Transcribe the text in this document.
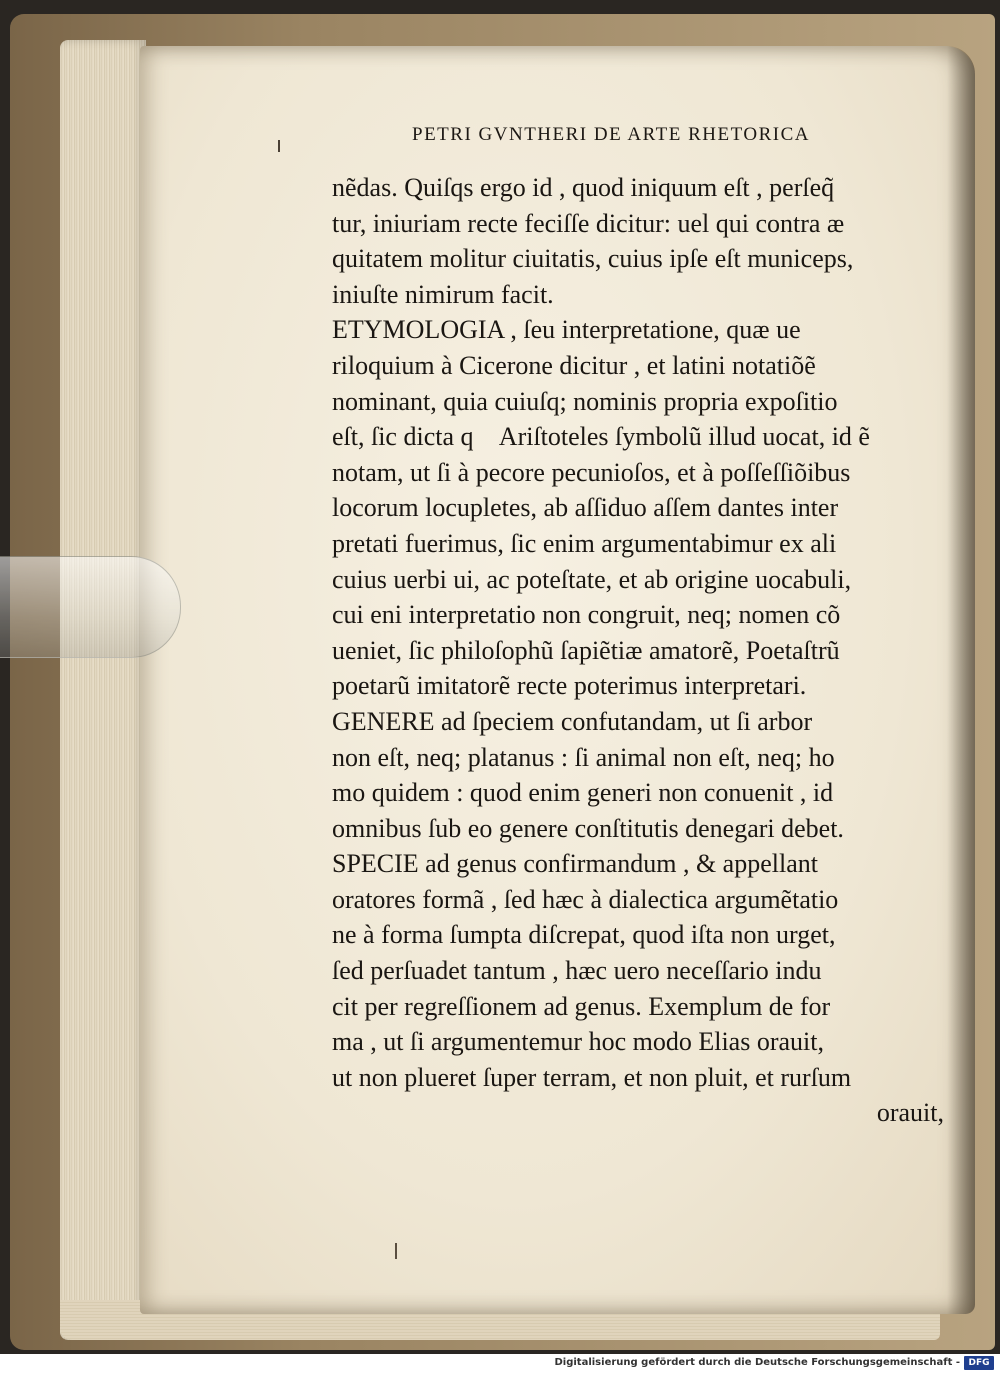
PETRI GVNTHERI DE ARTE RHETORICA
nẽdas. Quiſqs ergo id , quod iniquum eſt , perſeq̃
tur, iniuriam recte feciſſe dicitur: uel qui contra æ
quitatem molitur ciuitatis, cuius ipſe eſt municeps,
iniuſte nimirum facit.
ETYMOLOGIA , ſeu interpretatione, quæ ue
riloquium à Cicerone dicitur , et latini notatiõẽ
nominant, quia cuiuſq; nominis propria expoſitio
eſt, ſic dicta q᷑ Ariſtoteles ſymbolũ illud uocat, id ẽ
notam, ut ſi à pecore pecunioſos, et à poſſeſſiõibus
locorum locupletes, ab aſſiduo aſſem dantes inter
pretati fuerimus, ſic enim argumentabimur ex ali
cuius uerbi ui, ac poteſtate, et ab origine uocabuli,
cui eni interpretatio non congruit, neq; nomen cõ
ueniet, ſic philoſophũ ſapiẽtiæ amatorẽ, Poetaſtrũ
poetarũ imitatorẽ recte poterimus interpretari.
GENERE ad ſpeciem confutandam, ut ſi arbor
non eſt, neq; platanus : ſi animal non eſt, neq; ho
mo quidem : quod enim generi non conuenit , id
omnibus ſub eo genere conſtitutis denegari debet.
SPECIE ad genus confirmandum , & appellant
oratores formã , ſed hæc à dialectica argumẽtatio
ne à forma ſumpta diſcrepat, quod iſta non urget,
ſed perſuadet tantum , hæc uero neceſſario indu
cit per regreſſionem ad genus. Exemplum de for
ma , ut ſi argumentemur hoc modo Elias orauit,
ut non plueret ſuper terram, et non pluit, et rurſum
orauit,
Digitalisierung gefördert durch die Deutsche Forschungsgemeinschaft - DFG
